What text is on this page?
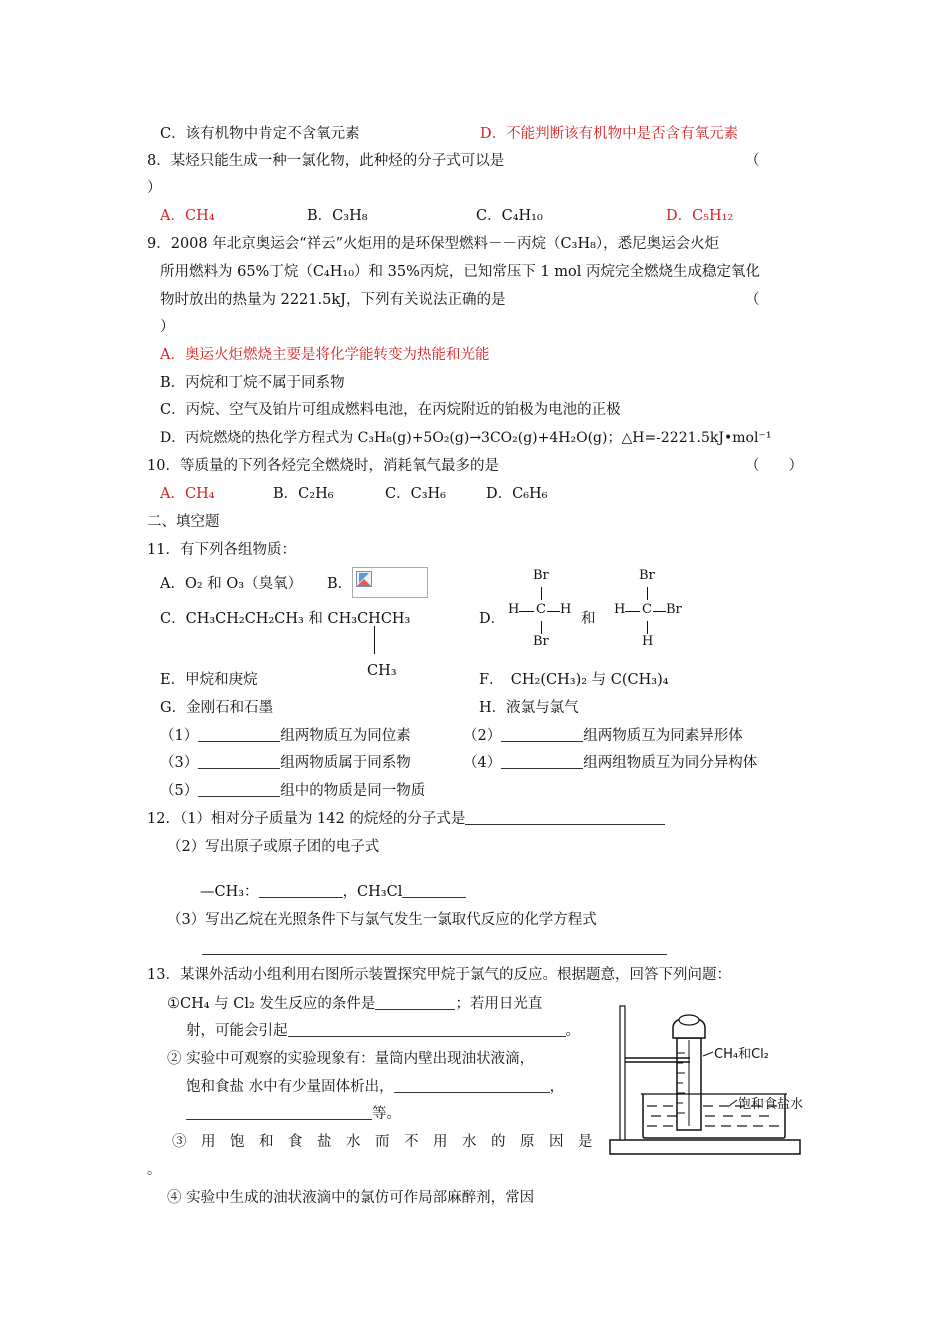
C．该有机物中肯定不含氧元素	D．不能判断该有机物中是否含有氧元素
8．某烃只能生成一种一氯化物，此种烃的分子式可以是	（
）
A．CH₄	B．C₃H₈	C．C₄H₁₀	D．C₅H₁₂
9．2008 年北京奥运会“祥云”火炬用的是环保型燃料－－丙烷（C₃H₈），悉尼奥运会火炬
所用燃料为 65%丁烷（C₄H₁₀）和 35%丙烷，已知常压下 1 mol 丙烷完全燃烧生成稳定氧化
物时放出的热量为 2221.5kJ，下列有关说法正确的是	（
）
A．奥运火炬燃烧主要是将化学能转变为热能和光能
B．丙烷和丁烷不属于同系物
C．丙烷、空气及铂片可组成燃料电池，在丙烷附近的铂极为电池的正极
D．丙烷燃烧的热化学方程式为 C₃H₈(g)+5O₂(g)→3CO₂(g)+4H₂O(g)；△H=-2221.5kJ•mol⁻¹
10．等质量的下列各烃完全燃烧时，消耗氧气最多的是	（　　）
A．CH₄	B．C₂H₆	C．C₃H₆	D．C₆H₆
二、填空题
11．有下列各组物质：
A．O₂ 和 O₃（臭氧） B．
C．CH₃CH₂CH₂CH₃ 和 CH₃CHCH₃
CH₃
D．
Br
H C H
Br
和
Br
H C Br
H
E．甲烷和庚烷	F．　CH₂(CH₃)₂ 与 C(CH₃)₄
G．金刚石和石墨	H．液氯与氯气
（1）	组两物质互为同位素	（2）	组两物质互为同素异形体
（3）	组两物质属于同系物	（4）	组两组物质互为同分异构体
（5）	组中的物质是同一物质
12．（1）相对分子质量为 142 的烷烃的分子式是
（2）写出原子或原子团的电子式
—CH₃：	，CH₃Cl
（3）写出乙烷在光照条件下与氯气发生一氯取代反应的化学方程式
13．某课外活动小组利用右图所示装置探究甲烷于氯气的反应。根据题意，回答下列问题：
①CH₄ 与 Cl₂ 发生反应的条件是	；若用日光直
射，可能会引起	。
② 实验中可观察的实验现象有：量筒内壁出现油状液滴，
饱和食盐 水中有少量固体析出，	，
等。
③　用　饱　和　食　盐　水　而　不　用　水　的　原　因　是
。
④ 实验中生成的油状液滴中的氯仿可作局部麻醉剂，常因
CH₄和Cl₂
饱和食盐水
